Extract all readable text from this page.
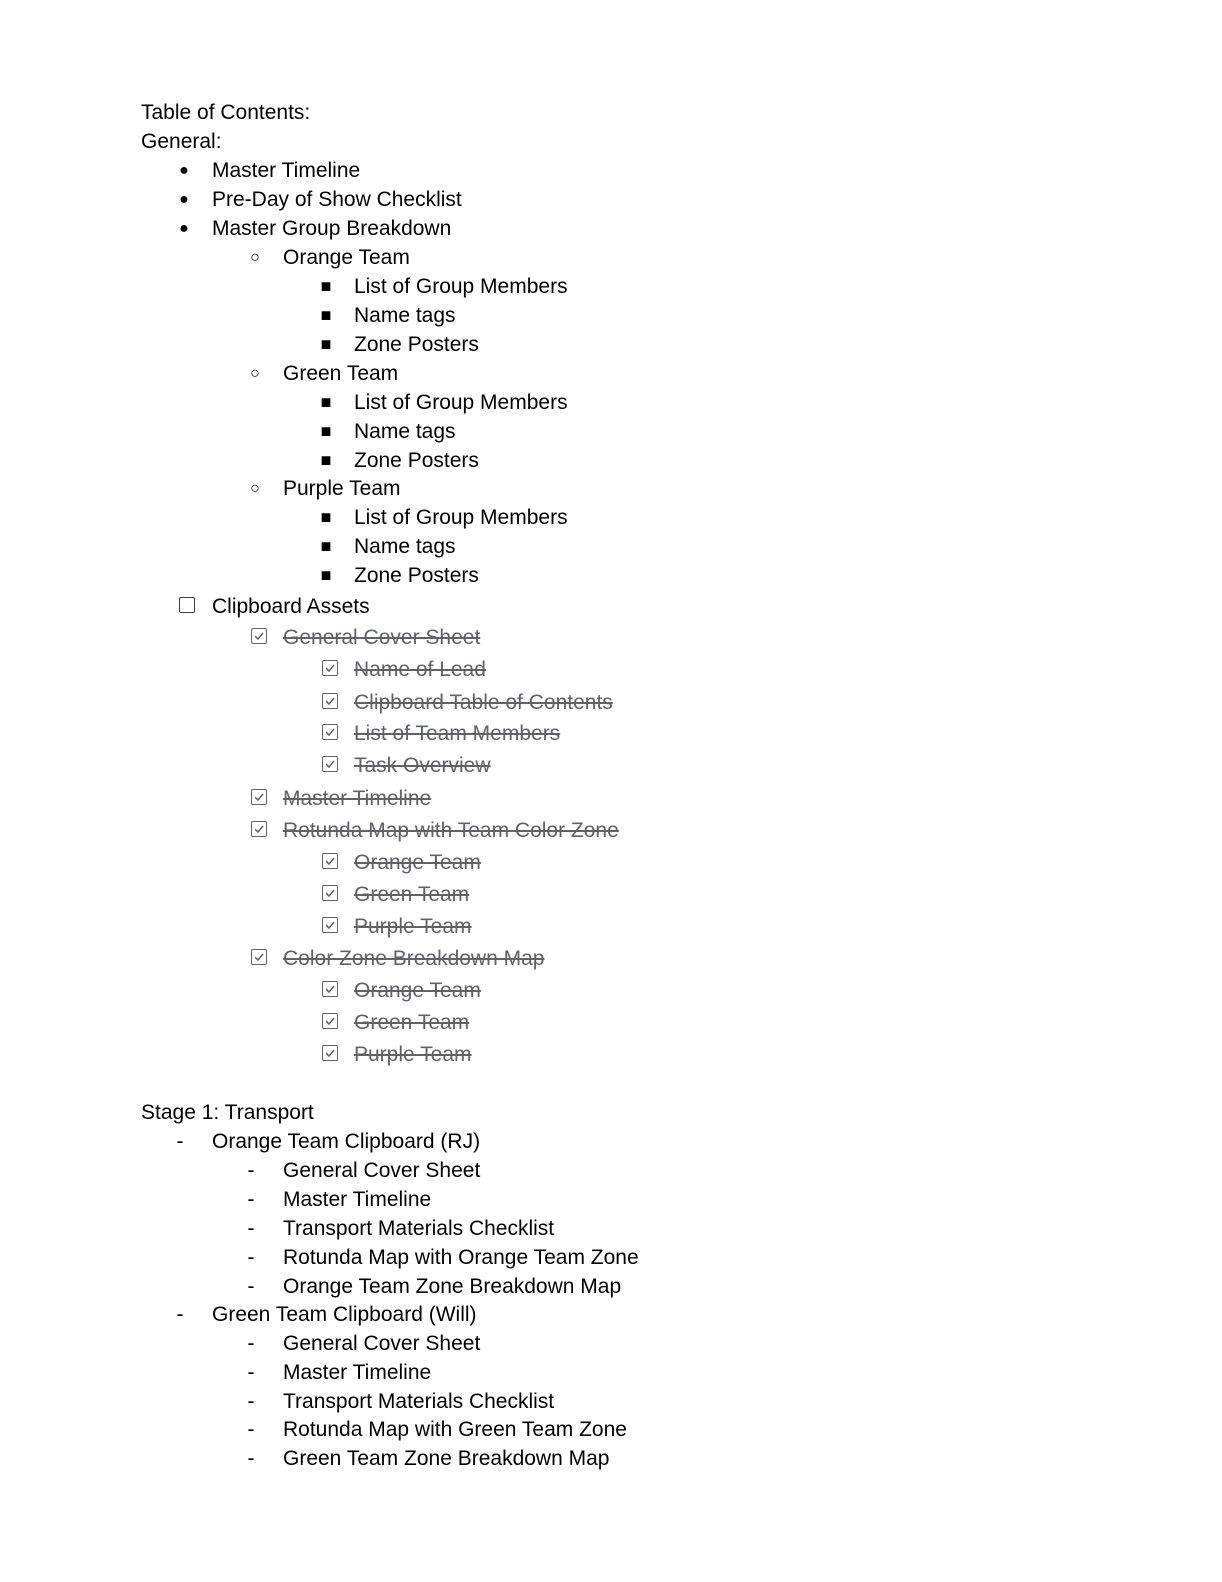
Table of Contents:
General:
● Master Timeline
● Pre-Day of Show Checklist
● Master Group Breakdown
○ Orange Team
■ List of Group Members
■ Name tags
■ Zone Posters
○ Green Team
■ List of Group Members
■ Name tags
■ Zone Posters
○ Purple Team
■ List of Group Members
■ Name tags
■ Zone Posters
Clipboard Assets
General Cover Sheet
Name of Lead
Clipboard Table of Contents
List of Team Members
Task Overview
Master Timeline
Rotunda Map with Team Color Zone
Orange Team
Green Team
Purple Team
Color Zone Breakdown Map
Orange Team
Green Team
Purple Team
Stage 1: Transport
- Orange Team Clipboard (RJ)
- General Cover Sheet
- Master Timeline
- Transport Materials Checklist
- Rotunda Map with Orange Team Zone
- Orange Team Zone Breakdown Map
- Green Team Clipboard (Will)
- General Cover Sheet
- Master Timeline
- Transport Materials Checklist
- Rotunda Map with Green Team Zone
- Green Team Zone Breakdown Map
